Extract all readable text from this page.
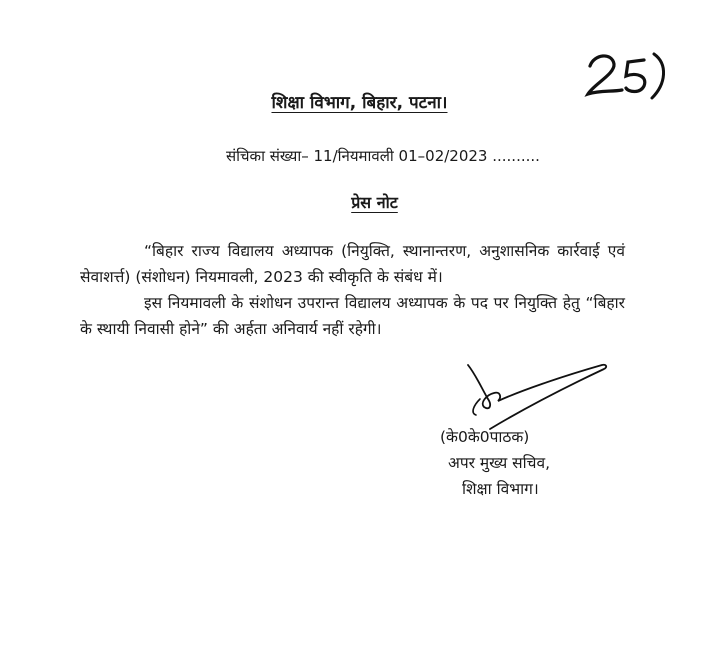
शिक्षा विभाग, बिहार, पटना।
संचिका संख्या– 11/नियमावली 01–02/2023 ..........
प्रेस नोट

“बिहार राज्य विद्यालय अध्यापक (नियुक्ति, स्थानान्तरण, अनुशासनिक कार्रवाई एवं सेवाशर्त्त) (संशोधन) नियमावली, 2023 की स्वीकृति के संबंध में।

इस नियमावली के संशोधन उपरान्त विद्यालय अध्यापक के पद पर नियुक्ति हेतु “बिहार के स्थायी निवासी होने” की अर्हता अनिवार्य नहीं रहेगी।

(के0के0पाठक)
अपर मुख्य सचिव,
शिक्षा विभाग।
